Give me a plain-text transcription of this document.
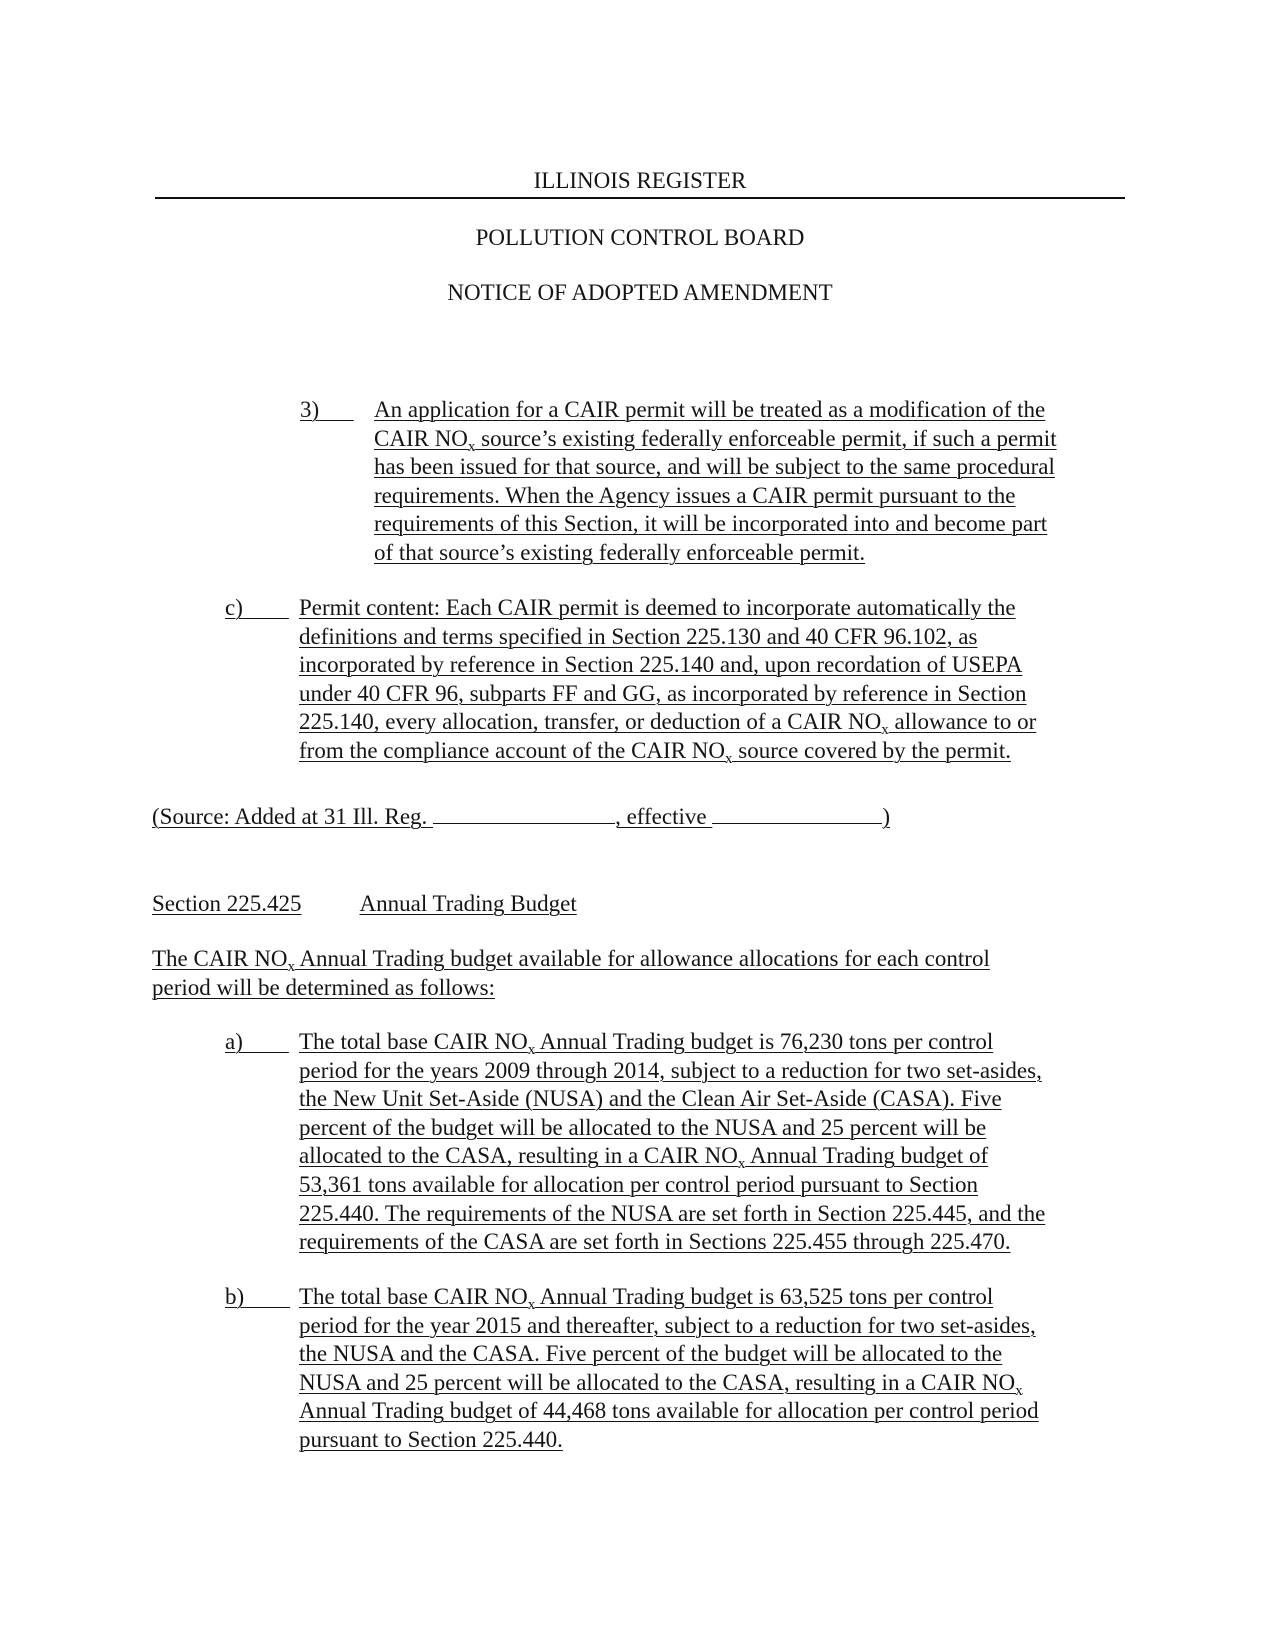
ILLINOIS REGISTER
POLLUTION CONTROL BOARD
NOTICE OF ADOPTED AMENDMENT
3)	An application for a CAIR permit will be treated as a modification of the
CAIR $NO_x$ source’s existing federally enforceable permit, if such a permit
has been issued for that source, and will be subject to the same procedural
requirements. When the Agency issues a CAIR permit pursuant to the
requirements of this Section, it will be incorporated into and become part
of that source’s existing federally enforceable permit.
c)	Permit content: Each CAIR permit is deemed to incorporate automatically the
definitions and terms specified in Section 225.130 and 40 CFR 96.102, as
incorporated by reference in Section 225.140 and, upon recordation of USEPA
under 40 CFR 96, subparts FF and GG, as incorporated by reference in Section
225.140, every allocation, transfer, or deduction of a CAIR $NO_x$ allowance to or
from the compliance account of the CAIR $NO_x$ source covered by the permit.
(Source: Added at 31 Ill. Reg.	, effective	)
Section 225.425	Annual Trading Budget
The CAIR $NO_x$ Annual Trading budget available for allowance allocations for each control
period will be determined as follows:
a)	The total base CAIR $NO_x$ Annual Trading budget is 76,230 tons per control
period for the years 2009 through 2014, subject to a reduction for two set-asides,
the New Unit Set-Aside (NUSA) and the Clean Air Set-Aside (CASA). Five
percent of the budget will be allocated to the NUSA and 25 percent will be
allocated to the CASA, resulting in a CAIR $NO_x$ Annual Trading budget of
53,361 tons available for allocation per control period pursuant to Section
225.440. The requirements of the NUSA are set forth in Section 225.445, and the
requirements of the CASA are set forth in Sections 225.455 through 225.470.
b)	The total base CAIR $NO_x$ Annual Trading budget is 63,525 tons per control
period for the year 2015 and thereafter, subject to a reduction for two set-asides,
the NUSA and the CASA. Five percent of the budget will be allocated to the
NUSA and 25 percent will be allocated to the CASA, resulting in a CAIR $NO_x$
Annual Trading budget of 44,468 tons available for allocation per control period
pursuant to Section 225.440.
